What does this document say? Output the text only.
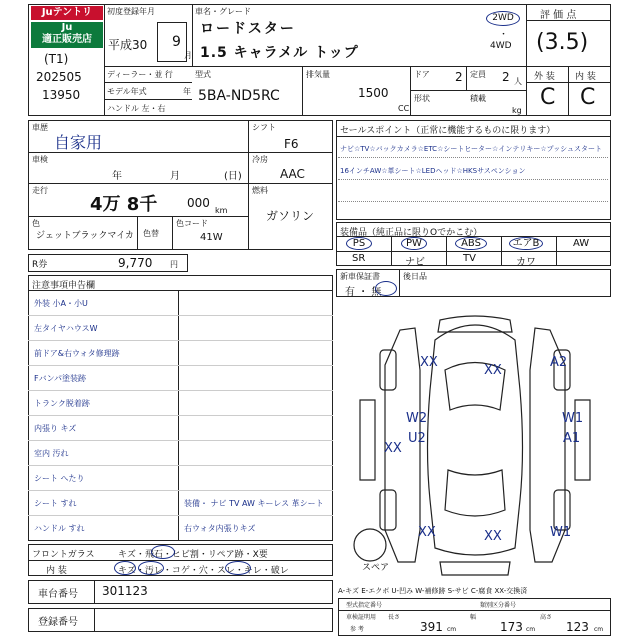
Juテントリ
Ju
適正販売店
(T1)
202505
13950
初度登録年月
平成30 9
月
車名・グレード
ロードスター
1.5 キャラメル トップ
2WD
・
4WD
評 価 点
(3.5)
外 装 内 装
C C
ディーラー・並 行
モデル年式	年
ハンドル 左・右
型式
5BA-ND5RC
排気量
1500
CC
ドア 2 定員 2 人
形状	積載
kg
車歴
自家用
車検
年	月	(日)
走行
4万 8千 000
km
色
ジェットブラックマイカ 色替
色コード
41W
シフト
F6
冷房
AAC
燃料
ガソリン
R券	9,770 円
セールスポイント（正常に機能するものに限ります）
ナビ☆TV☆バックカメラ☆ETC☆シートヒーター☆インテリキー☆プッシュスタート
16インチAW☆革シート☆LEDヘッド☆HKSサスペンション
装備品（純正品に限りΟでかこむ）
PS	PW	ABS	エアB	AW
SR	ナビ	TV	カワ
新車保証書	後日品
有 ・ 無
注意事項申告欄
外装 小A・小U
左タイヤハウスW
前ドア&右ウォタ修理跡
Fバンパ塗装跡
トランク脱着跡
内張り キズ
室内 汚れ
シート へたり
シート すれ	装備・ ナビ TV AW キーレス 革シート
ハンドル すれ	右ウォタ内張りキズ
フロントガラス	キズ・飛石・ヒビ割・リペア跡・X要
内 装	キズ・汚レ・コゲ・穴・スレ・キレ・破レ
車台番号 301123
登録番号
XX
XX
A2
W2	W1
U2	A1
XX
XX	W1
XX
スペア
A-キズ E-エクボ U-凹み W-補修跡 S-サビ C-腐食 XX-交換済
型式指定番号	類別区分番号
車検証明用 長さ	幅	高さ
参 考	391 cm	173 cm	123 cm
